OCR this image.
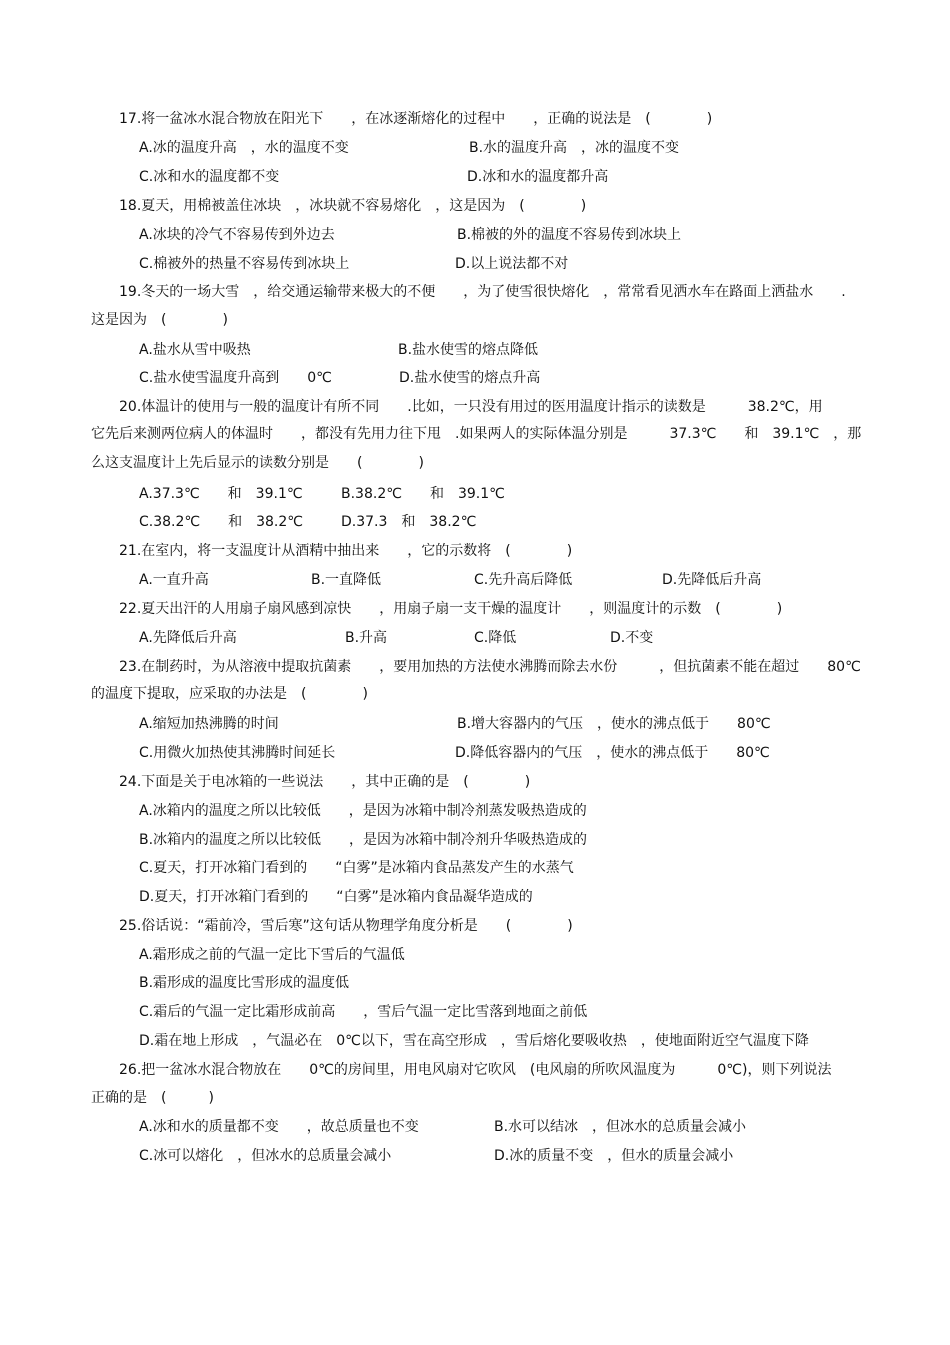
17.将一盆冰水混合物放在阳光下　　，在冰逐渐熔化的过程中　　，正确的说法是　(　　　　)
A.冰的温度升高　，水的温度不变	B.水的温度升高　，冰的温度不变
C.冰和水的温度都不变	D.冰和水的温度都升高
18.夏天，用棉被盖住冰块　，冰块就不容易熔化　，这是因为　(　　　　)
A.冰块的冷气不容易传到外边去	B.棉被的外的温度不容易传到冰块上
C.棉被外的热量不容易传到冰块上	D.以上说法都不对
19.冬天的一场大雪　，给交通运输带来极大的不便　　，为了使雪很快熔化　，常常看见洒水车在路面上洒盐水　　.
这是因为　(　　　　)
A.盐水从雪中吸热	B.盐水使雪的熔点降低
C.盐水使雪温度升高到　　0℃	D.盐水使雪的熔点升高
20.体温计的使用与一般的温度计有所不同　　.比如，一只没有用过的医用温度计指示的读数是　　　38.2℃，用
它先后来测两位病人的体温时　　，都没有先用力往下甩　.如果两人的实际体温分别是　　　37.3℃　　和　39.1℃　，那
么这支温度计上先后显示的读数分别是　　(　　　　)
A.37.3℃　　和　39.1℃	B.38.2℃　　和　39.1℃
C.38.2℃　　和　38.2℃	D.37.3　和　38.2℃
21.在室内，将一支温度计从酒精中抽出来　　，它的示数将　(　　　　)
A.一直升高	B.一直降低	C.先升高后降低	D.先降低后升高
22.夏天出汗的人用扇子扇风感到凉快　　，用扇子扇一支干燥的温度计　　，则温度计的示数　(　　　　)
A.先降低后升高	B.升高	C.降低	D.不变
23.在制药时，为从溶液中提取抗菌素　　，要用加热的方法使水沸腾而除去水份　　　，但抗菌素不能在超过　　80℃
的温度下提取，应采取的办法是　(　　　　)
A.缩短加热沸腾的时间	B.增大容器内的气压　，使水的沸点低于　　80℃
C.用微火加热使其沸腾时间延长	D.降低容器内的气压　，使水的沸点低于　　80℃
24.下面是关于电冰箱的一些说法　　，其中正确的是　(　　　　)
A.冰箱内的温度之所以比较低　　，是因为冰箱中制冷剂蒸发吸热造成的
B.冰箱内的温度之所以比较低　　，是因为冰箱中制冷剂升华吸热造成的
C.夏天，打开冰箱门看到的　　“白雾”是冰箱内食品蒸发产生的水蒸气
D.夏天，打开冰箱门看到的　　“白雾”是冰箱内食品凝华造成的
25.俗话说：“霜前冷，雪后寒”这句话从物理学角度分析是　　(　　　　)
A.霜形成之前的气温一定比下雪后的气温低
B.霜形成的温度比雪形成的温度低
C.霜后的气温一定比霜形成前高　　，雪后气温一定比雪落到地面之前低
D.霜在地上形成　，气温必在　0℃以下，雪在高空形成　，雪后熔化要吸收热　，使地面附近空气温度下降
26.把一盆冰水混合物放在　　0℃的房间里，用电风扇对它吹风　(电风扇的所吹风温度为　　　0℃)，则下列说法
正确的是　(　　　)
A.冰和水的质量都不变　　，故总质量也不变	B.水可以结冰　，但冰水的总质量会减小
C.冰可以熔化　，但冰水的总质量会减小	D.冰的质量不变　，但水的质量会减小
